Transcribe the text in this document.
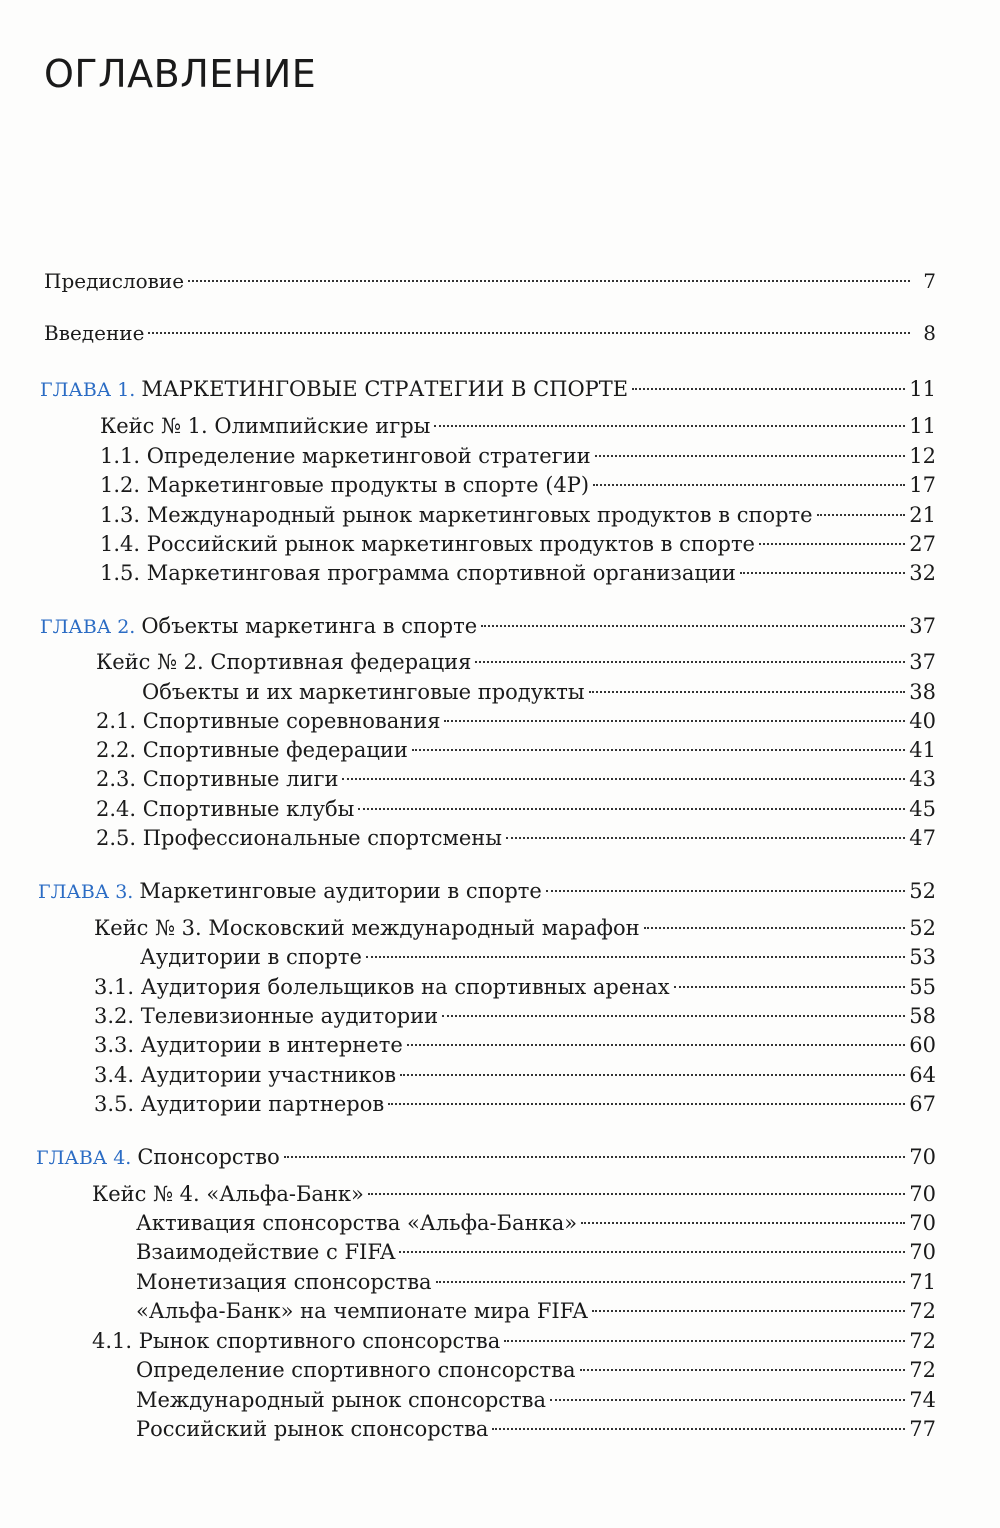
ОГЛАВЛЕНИЕ
Предисловие	7
Введение	8
ГЛАВА 1. МАРКЕТИНГОВЫЕ СТРАТЕГИИ В СПОРТЕ	11
Кейс № 1. Олимпийские игры	11
1.1. Определение маркетинговой стратегии	12
1.2. Маркетинговые продукты в спорте (4P)	17
1.3. Международный рынок маркетинговых продуктов в спорте	21
1.4. Российский рынок маркетинговых продуктов в спорте	27
1.5. Маркетинговая программа спортивной организации	32
ГЛАВА 2. Объекты маркетинга в спорте	37
Кейс № 2. Спортивная федерация	37
Объекты и их маркетинговые продукты	38
2.1. Спортивные соревнования	40
2.2. Спортивные федерации	41
2.3. Спортивные лиги	43
2.4. Спортивные клубы	45
2.5. Профессиональные спортсмены	47
ГЛАВА 3. Маркетинговые аудитории в спорте	52
Кейс № 3. Московский международный марафон	52
Аудитории в спорте	53
3.1. Аудитория болельщиков на спортивных аренах	55
3.2. Телевизионные аудитории	58
3.3. Аудитории в интернете	60
3.4. Аудитории участников	64
3.5. Аудитории партнеров	67
ГЛАВА 4. Спонсорство	70
Кейс № 4. «Альфа-Банк»	70
Активация спонсорства «Альфа-Банка»	70
Взаимодействие с FIFA	70
Монетизация спонсорства	71
«Альфа-Банк» на чемпионате мира FIFA	72
4.1. Рынок спортивного спонсорства	72
Определение спортивного спонсорства	72
Международный рынок спонсорства	74
Российский рынок спонсорства	77
